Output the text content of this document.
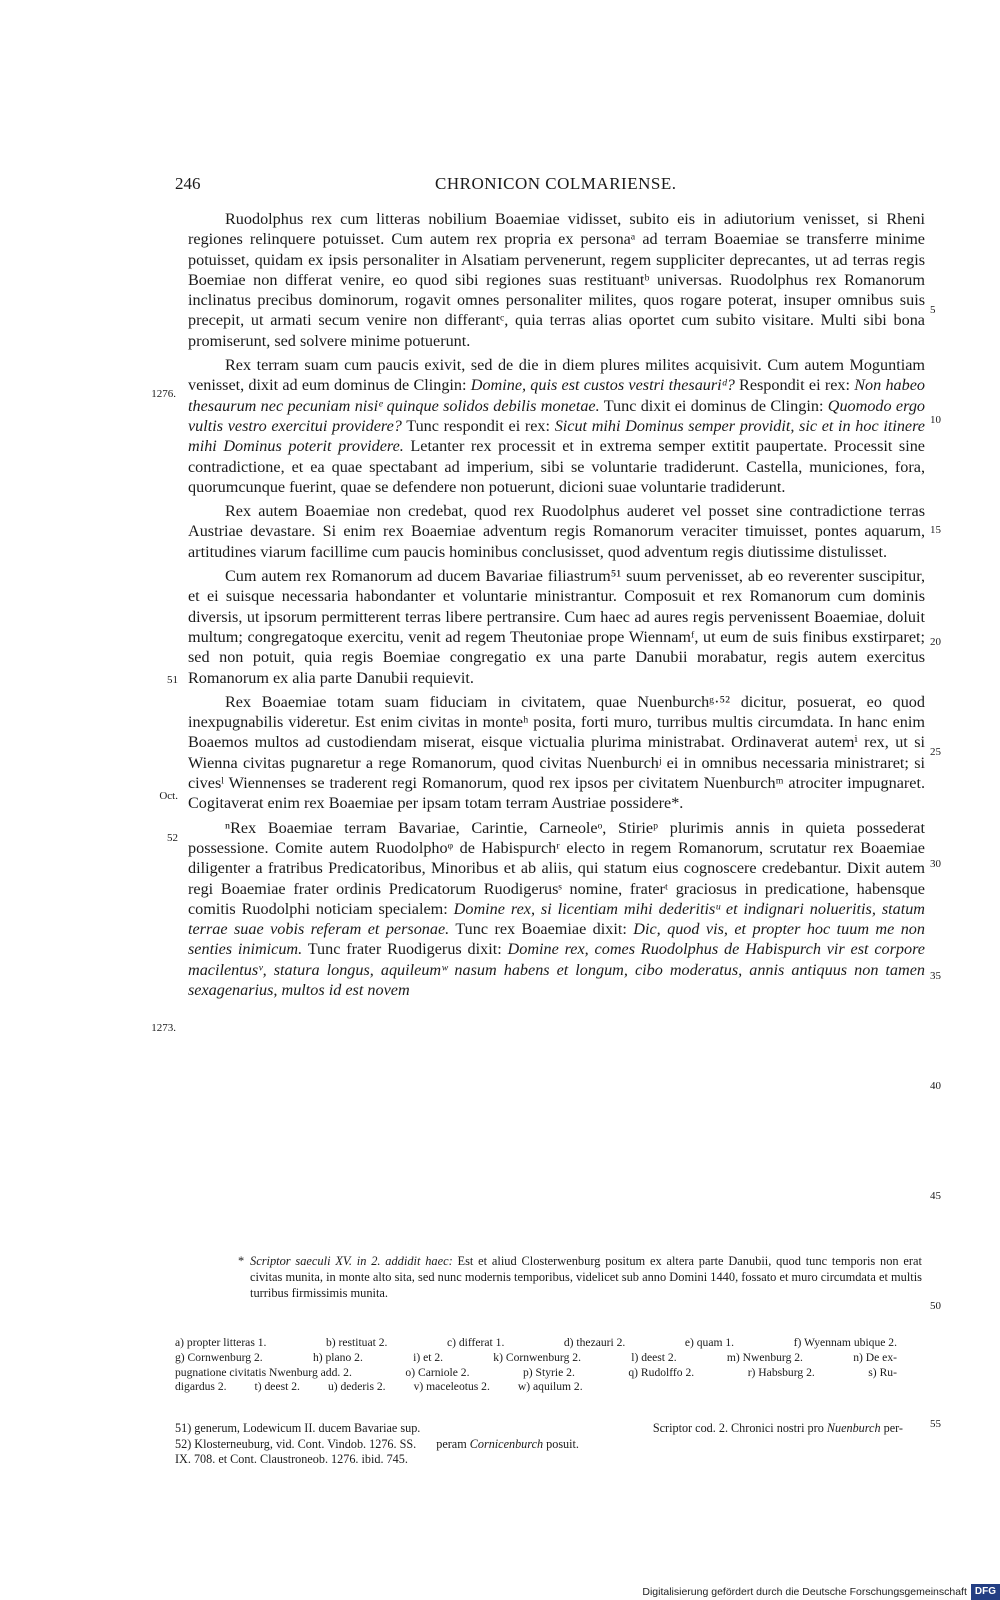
246	CHRONICON COLMARIENSE.
1276.
51
Oct.
52
1273.
5
10
15
20
25
30
35
40
45
50
55

Ruodolphus rex cum litteras nobilium Boaemiae vidisset, subito eis in adiutorium venisset, si Rheni regiones relinquere potuisset. Cum autem rex propria ex personaᵃ ad terram Boaemiae se transferre minime potuisset, quidam ex ipsis personaliter in Alsatiam pervenerunt, regem suppliciter deprecantes, ut ad terras regis Boemiae non differat venire, eo quod sibi regiones suas restituantᵇ universas. Ruodolphus rex Romanorum inclinatus precibus dominorum, rogavit omnes personaliter milites, quos rogare poterat, insuper omnibus suis precepit, ut armati secum venire non differantᶜ, quia terras alias oportet cum subito visitare. Multi sibi bona promiserunt, sed solvere minime potuerunt.

Rex terram suam cum paucis exivit, sed de die in diem plures milites acquisivit. Cum autem Moguntiam venisset, dixit ad eum dominus de Clingin: Domine, quis est custos vestri thesauriᵈ? Respondit ei rex: Non habeo thesaurum nec pecuniam nisiᵉ quinque solidos debilis monetae. Tunc dixit ei dominus de Clingin: Quomodo ergo vultis vestro exercitui providere? Tunc respondit ei rex: Sicut mihi Dominus semper providit, sic et in hoc itinere mihi Dominus poterit providere. Letanter rex processit et in extrema semper extitit paupertate. Processit sine contradictione, et ea quae spectabant ad imperium, sibi se voluntarie tradiderunt. Castella, municiones, fora, quorumcunque fuerint, quae se defendere non potuerunt, dicioni suae voluntarie tradiderunt.

Rex autem Boaemiae non credebat, quod rex Ruodolphus auderet vel posset sine contradictione terras Austriae devastare. Si enim rex Boaemiae adventum regis Romanorum veraciter timuisset, pontes aquarum, artitudines viarum facillime cum paucis hominibus conclusisset, quod adventum regis diutissime distulisset.

Cum autem rex Romanorum ad ducem Bavariae filiastrum⁵¹ suum pervenisset, ab eo reverenter suscipitur, et ei suisque necessaria habondanter et voluntarie ministrantur. Composuit et rex Romanorum cum dominis diversis, ut ipsorum permitterent terras libere pertransire. Cum haec ad aures regis pervenissent Boaemiae, doluit multum; congregatoque exercitu, venit ad regem Theutoniae prope Wiennamᶠ, ut eum de suis finibus exstirparet; sed non potuit, quia regis Boemiae congregatio ex una parte Danubii morabatur, regis autem exercitus Romanorum ex alia parte Danubii requievit.

Rex Boaemiae totam suam fiduciam in civitatem, quae Nuenburchᵍ·⁵² dicitur, posuerat, eo quod inexpugnabilis videretur. Est enim civitas in monteʰ posita, forti muro, turribus multis circumdata. In hanc enim Boaemos multos ad custodiendam miserat, eisque victualia plurima ministrabat. Ordinaverat autemⁱ rex, ut si Wienna civitas pugnaretur a rege Romanorum, quod civitas Nuenburchʲ ei in omnibus necessaria ministraret; si civesˡ Wiennenses se traderent regi Romanorum, quod rex ipsos per civitatem Nuenburchᵐ atrociter impugnaret. Cogitaverat enim rex Boaemiae per ipsam totam terram Austriae possidere*.

ⁿRex Boaemiae terram Bavariae, Carintie, Carneoleᵒ, Stirieᵖ plurimis annis in quieta possederat possessione. Comite autem Ruodolphoᵠ de Habispurchʳ electo in regem Romanorum, scrutatur rex Boaemiae diligenter a fratribus Predicatoribus, Minoribus et ab aliis, qui statum eius cognoscere credebantur. Dixit autem regi Boaemiae frater ordinis Predicatorum Ruodigerusˢ nomine, fraterᵗ graciosus in predicatione, habensque comitis Ruodolphi noticiam specialem: Domine rex, si licentiam mihi dederitisᵘ et indignari nolueritis, statum terrae suae vobis referam et personae. Tunc rex Boaemiae dixit: Dic, quod vis, et propter hoc tuum me non senties inimicum. Tunc frater Ruodigerus dixit: Domine rex, comes Ruodolphus de Habispurch vir est corpore macilentusᵛ, statura longus, aquileumʷ nasum habens et longum, cibo moderatus, annis antiquus non tamen sexagenarius, multos id est novem

* Scriptor saeculi XV. in 2. addidit haec: Est et aliud Closterwenburg positum ex altera parte Danubii, quod tunc temporis non erat civitas munita, in monte alto sita, sed nunc modernis temporibus, videlicet sub anno Domini 1440, fossato et muro circumdata et multis turribus firmissimis munita.
a) propter litteras 1.	b) restituat 2.	c) differat 1.	d) thezauri 2.	e) quam 1.	f) Wyennam ubique 2.
g) Cornwenburg 2.	h) plano 2.	i) et 2.	k) Cornwenburg 2.	l) deest 2.	m) Nwenburg 2.	n) De ex-
pugnatione civitatis Nwenburg add. 2.	o) Carniole 2.	p) Styrie 2.	q) Rudolffo 2.	r) Habsburg 2.	s) Ru-
digardus 2. t) deest 2. u) dederis 2. v) maceleotus 2. w) aquilum 2.
51) generum, Lodewicum II. ducem Bavariae sup.	Scriptor cod. 2. Chronici nostri pro Nuenburch per-
52) Klosterneuburg, vid. Cont. Vindob. 1276. SS. peram Cornicenburch posuit.
IX. 708. et Cont. Claustroneob. 1276. ibid. 745.
Digitalisierung gefördert durch die Deutsche Forschungsgemeinschaft DFG
